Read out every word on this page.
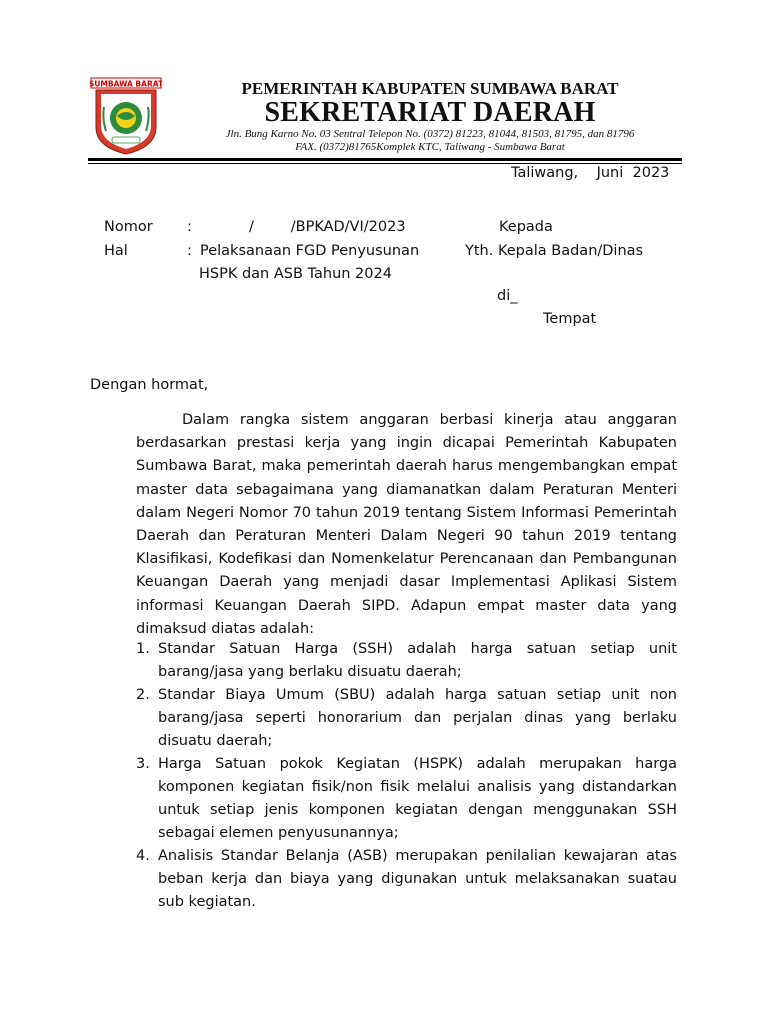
SUMBAWA BARAT	PEMERINTAH KABUPATEN SUMBAWA BARAT
SEKRETARIAT DAERAH
Jln. Bung Karno No. 03 Sentral Telepon No. (0372) 81223, 81044, 81503, 81795, dan 81796
FAX. (0372)81765Komplek KTC, Taliwang - Sumbawa Barat
Taliwang,    Juni  2023
Nomor :	/        /BPKAD/VI/2023
Hal	: Pelaksanaan FGD Penyusunan
HSPK dan ASB Tahun 2024
Kepada
Yth. Kepala Badan/Dinas
di_
Tempat
Dengan hormat,

Dalam rangka sistem anggaran berbasi kinerja atau anggaran berdasarkan prestasi kerja yang ingin dicapai Pemerintah Kabupaten Sumbawa Barat, maka pemerintah daerah harus mengembangkan empat master data sebagaimana yang diamanatkan dalam Peraturan Menteri dalam Negeri Nomor 70 tahun 2019 tentang Sistem Informasi Pemerintah Daerah dan Peraturan Menteri Dalam Negeri 90 tahun 2019 tentang Klasifikasi, Kodefikasi dan Nomenkelatur Perencanaan dan Pembangunan Keuangan Daerah yang menjadi dasar Implementasi Aplikasi Sistem informasi Keuangan Daerah SIPD. Adapun empat master data yang dimaksud diatas adalah:

1. Standar Satuan Harga (SSH) adalah harga satuan setiap unit barang/jasa yang berlaku disuatu daerah;
2. Standar Biaya Umum (SBU) adalah harga satuan setiap unit non barang/jasa seperti honorarium dan perjalan dinas yang berlaku disuatu daerah;
3. Harga Satuan pokok Kegiatan (HSPK) adalah merupakan harga komponen kegiatan fisik/non fisik melalui analisis yang distandarkan untuk setiap jenis komponen kegiatan dengan menggunakan SSH sebagai elemen penyusunannya;
4. Analisis Standar Belanja (ASB) merupakan penilalian kewajaran atas beban kerja dan biaya yang digunakan untuk melaksanakan suatau sub kegiatan.
